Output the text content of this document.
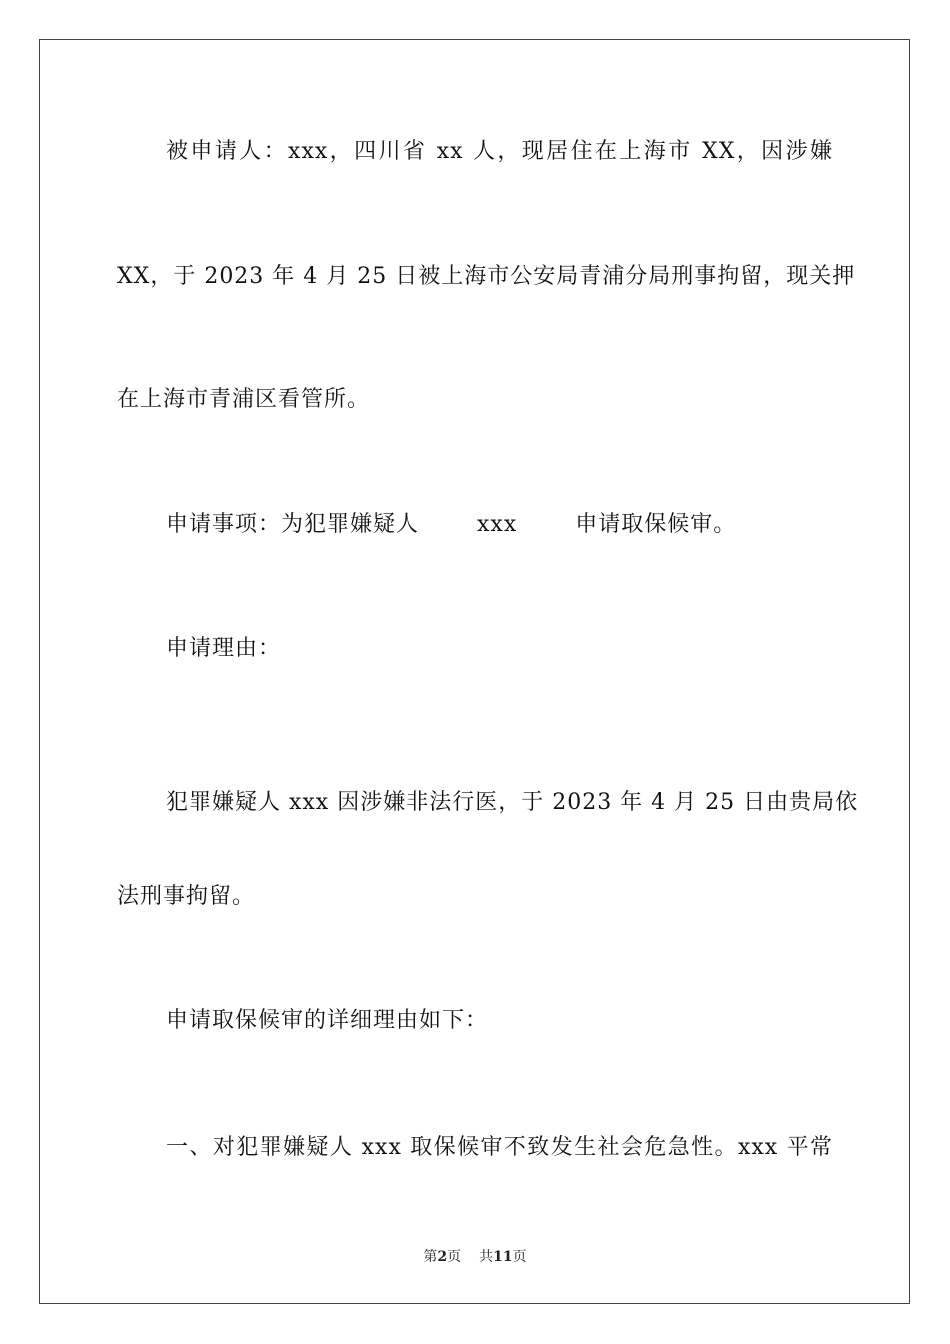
被申请人：xxx，四川省 xx 人，现居住在上海市 XX，因涉嫌
XX，于 2023 年 4 月 25 日被上海市公安局青浦分局刑事拘留，现关押
在上海市青浦区看管所。
申请事项：为犯罪嫌疑人	xxx	申请取保候审。
申请理由：
犯罪嫌疑人 xxx 因涉嫌非法行医，于 2023 年 4 月 25 日由贵局依
法刑事拘留。
申请取保候审的详细理由如下：
一、对犯罪嫌疑人 xxx 取保候审不致发生社会危急性。xxx 平常
第2页 共11页
